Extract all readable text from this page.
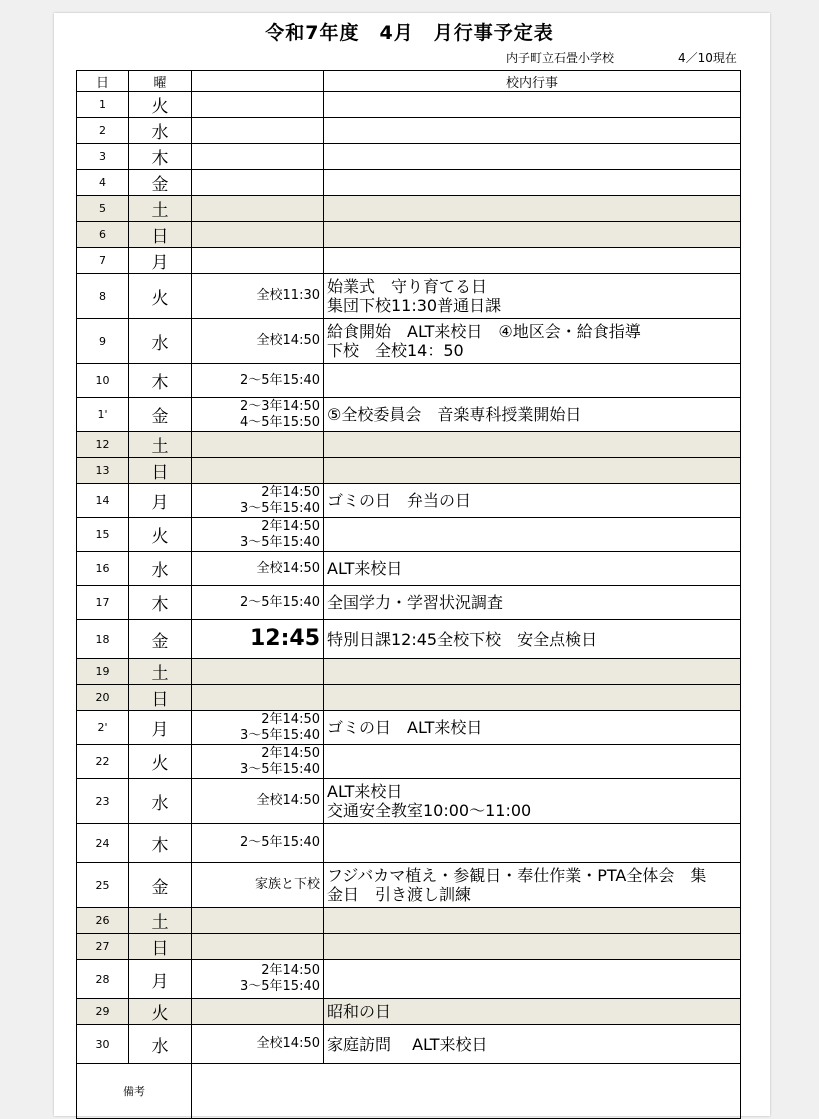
令和7年度　4月　月行事予定表
内子町立石畳小学校	4／10現在
日	曜		校内行事
1	火		
2	水		
3	木		
4	金		
5	土		
6	日		
7	月		
8	火	全校11:30	始業式　守り育てる日
集団下校11:30普通日課

9	水	全校14:50	給食開始　ALT来校日　④地区会・給食指導
下校　全校14：50

10	木	2～5年15:40	

1'	金	2～3年14:50
4～5年15:50	⑤全校委員会　音楽専科授業開始日

12	土		
13	日		
14	月	2年14:50
3～5年15:40	ゴミの日　弁当の日

15	火	2年14:50
3～5年15:40	

16	水	全校14:50	ALT来校日

17	木	2～5年15:40	全国学力・学習状況調査

18	金	12:45	特別日課12:45全校下校　安全点検日

19	土		
20	日		
2'	月	2年14:50
3～5年15:40	ゴミの日　ALT来校日

22	火	2年14:50
3～5年15:40	

23	水	全校14:50	ALT来校日
交通安全教室10:00～11:00

24	木	2～5年15:40	

25	金	家族と下校	フジバカマ植え・参観日・奉仕作業・PTA全体会　集
金日　引き渡し訓練

26	土		
27	日		
28	月	2年14:50
3～5年15:40	

29	火		昭和の日

30	水	全校14:50	家庭訪問　 ALT来校日

備考			
